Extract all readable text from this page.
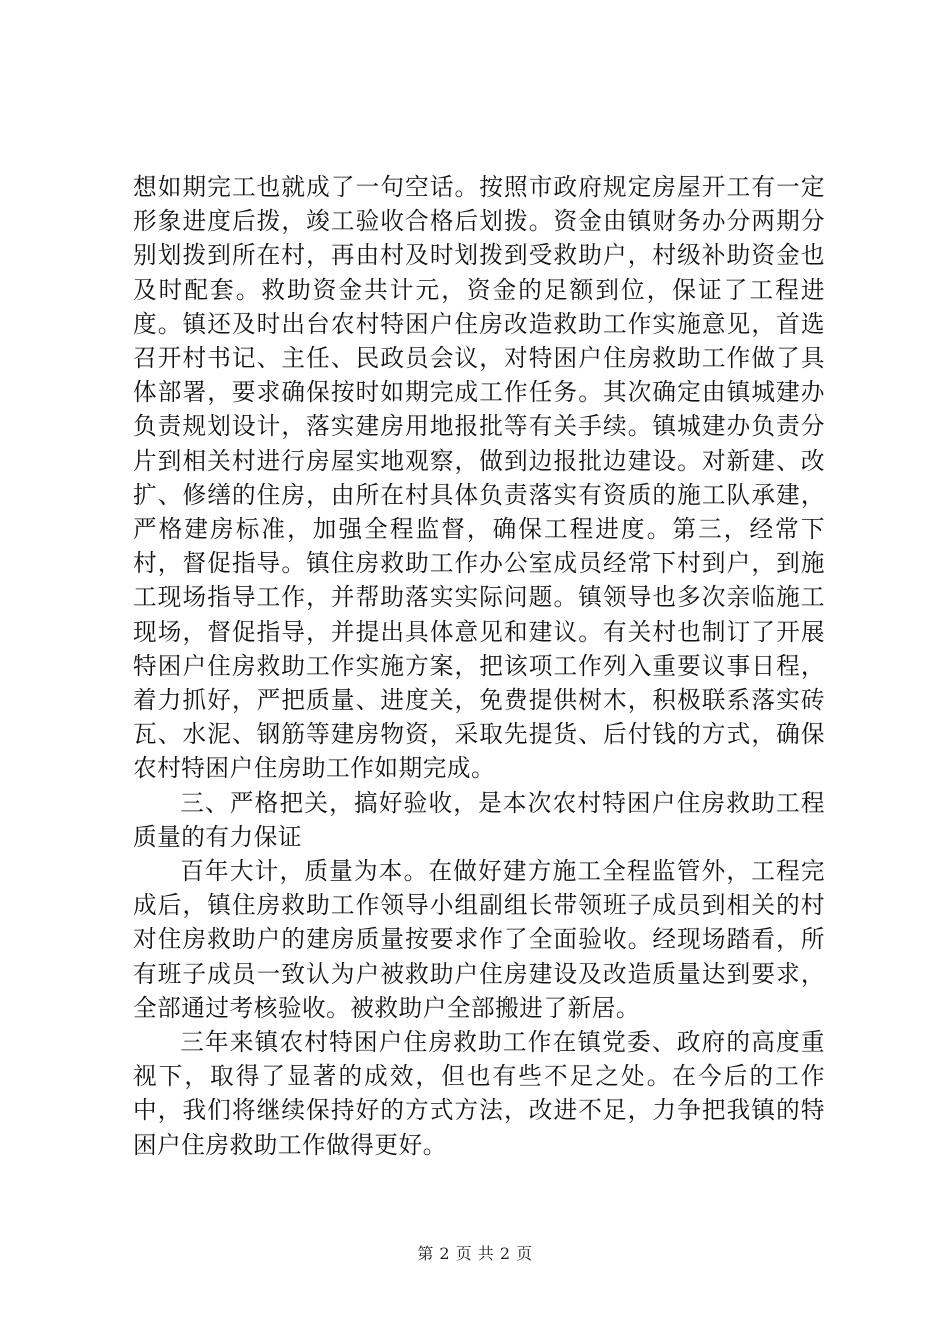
想如期完工也就成了一句空话。按照市政府规定房屋开工有一定形象进度后拨，竣工验收合格后划拨。资金由镇财务办分两期分别划拨到所在村，再由村及时划拨到受救助户，村级补助资金也及时配套。救助资金共计元，资金的足额到位，保证了工程进度。镇还及时出台农村特困户住房改造救助工作实施意见，首选召开村书记、主任、民政员会议，对特困户住房救助工作做了具体部署，要求确保按时如期完成工作任务。其次确定由镇城建办负责规划设计，落实建房用地报批等有关手续。镇城建办负责分片到相关村进行房屋实地观察，做到边报批边建设。对新建、改扩、修缮的住房，由所在村具体负责落实有资质的施工队承建，严格建房标准，加强全程监督，确保工程进度。第三，经常下村，督促指导。镇住房救助工作办公室成员经常下村到户，到施工现场指导工作，并帮助落实实际问题。镇领导也多次亲临施工现场，督促指导，并提出具体意见和建议。有关村也制订了开展特困户住房救助工作实施方案，把该项工作列入重要议事日程，着力抓好，严把质量、进度关，免费提供树木，积极联系落实砖瓦、水泥、钢筋等建房物资，采取先提货、后付钱的方式，确保农村特困户住房助工作如期完成。

三、严格把关，搞好验收，是本次农村特困户住房救助工程质量的有力保证

百年大计，质量为本。在做好建方施工全程监管外，工程完成后，镇住房救助工作领导小组副组长带领班子成员到相关的村对住房救助户的建房质量按要求作了全面验收。经现场踏看，所有班子成员一致认为户被救助户住房建设及改造质量达到要求，全部通过考核验收。被救助户全部搬进了新居。

三年来镇农村特困户住房救助工作在镇党委、政府的高度重视下，取得了显著的成效，但也有些不足之处。在今后的工作中，我们将继续保持好的方式方法，改进不足，力争把我镇的特困户住房救助工作做得更好。

第 2 页 共 2 页
